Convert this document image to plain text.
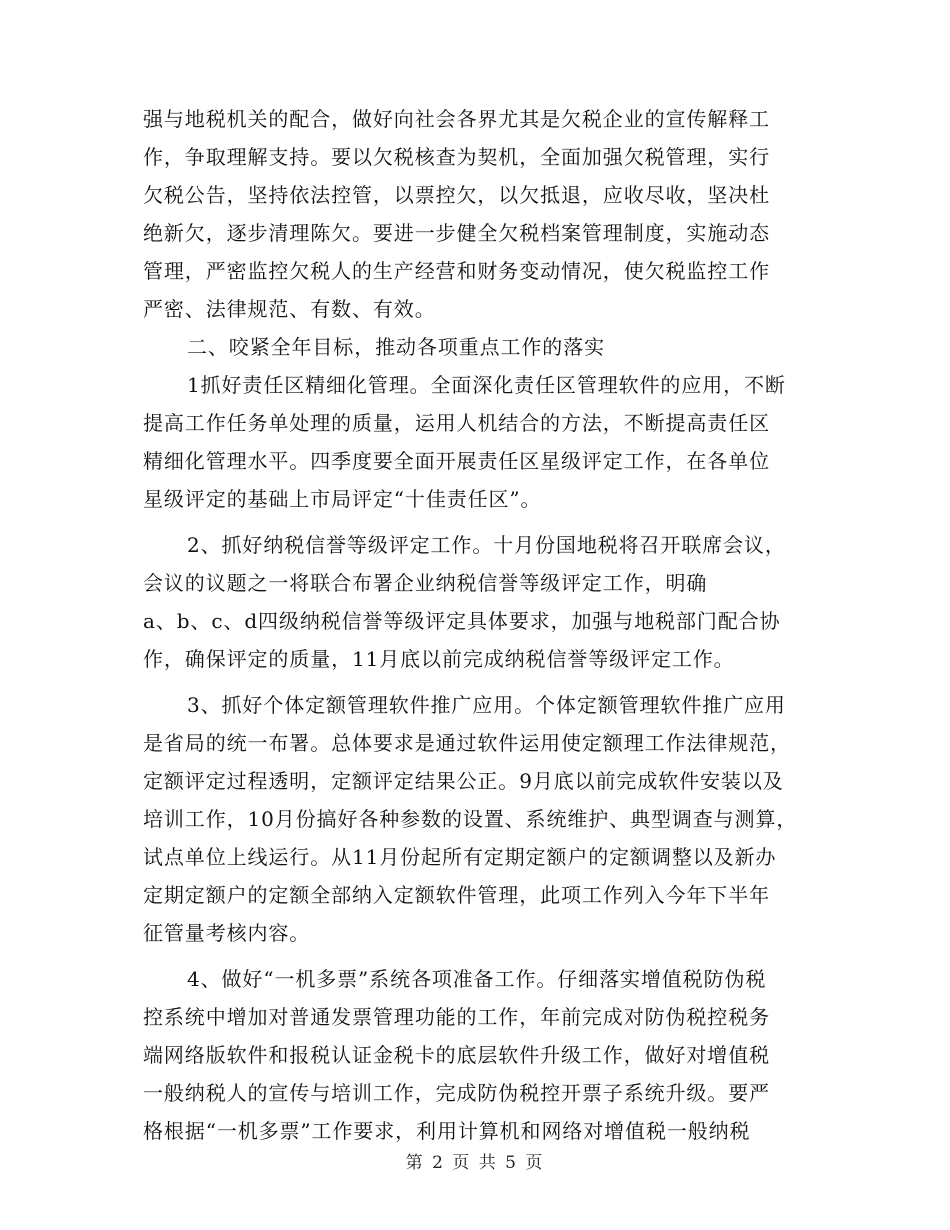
强与地税机关的配合，做好向社会各界尤其是欠税企业的宣传解释工
作，争取理解支持。要以欠税核查为契机，全面加强欠税管理，实行
欠税公告，坚持依法控管，以票控欠，以欠抵退，应收尽收，坚决杜
绝新欠，逐步清理陈欠。要进一步健全欠税档案管理制度，实施动态
管理，严密监控欠税人的生产经营和财务变动情况，使欠税监控工作
严密、法律规范、有数、有效。
二、咬紧全年目标，推动各项重点工作的落实
1抓好责任区精细化管理。全面深化责任区管理软件的应用，不断
提高工作任务单处理的质量，运用人机结合的方法，不断提高责任区
精细化管理水平。四季度要全面开展责任区星级评定工作，在各单位
星级评定的基础上市局评定“十佳责任区”。
2、抓好纳税信誉等级评定工作。十月份国地税将召开联席会议，
会议的议题之一将联合布署企业纳税信誉等级评定工作，明确
a、b、c、d四级纳税信誉等级评定具体要求，加强与地税部门配合协
作，确保评定的质量，11月底以前完成纳税信誉等级评定工作。
3、抓好个体定额管理软件推广应用。个体定额管理软件推广应用
是省局的统一布署。总体要求是通过软件运用使定额理工作法律规范，
定额评定过程透明，定额评定结果公正。9月底以前完成软件安装以及
培训工作，10月份搞好各种参数的设置、系统维护、典型调查与测算，
试点单位上线运行。从11月份起所有定期定额户的定额调整以及新办
定期定额户的定额全部纳入定额软件管理，此项工作列入今年下半年
征管量考核内容。
4、做好“一机多票”系统各项准备工作。仔细落实增值税防伪税
控系统中增加对普通发票管理功能的工作，年前完成对防伪税控税务
端网络版软件和报税认证金税卡的底层软件升级工作，做好对增值税
一般纳税人的宣传与培训工作，完成防伪税控开票子系统升级。要严
格根据“一机多票”工作要求，利用计算机和网络对增值税一般纳税
第 2 页 共 5 页
